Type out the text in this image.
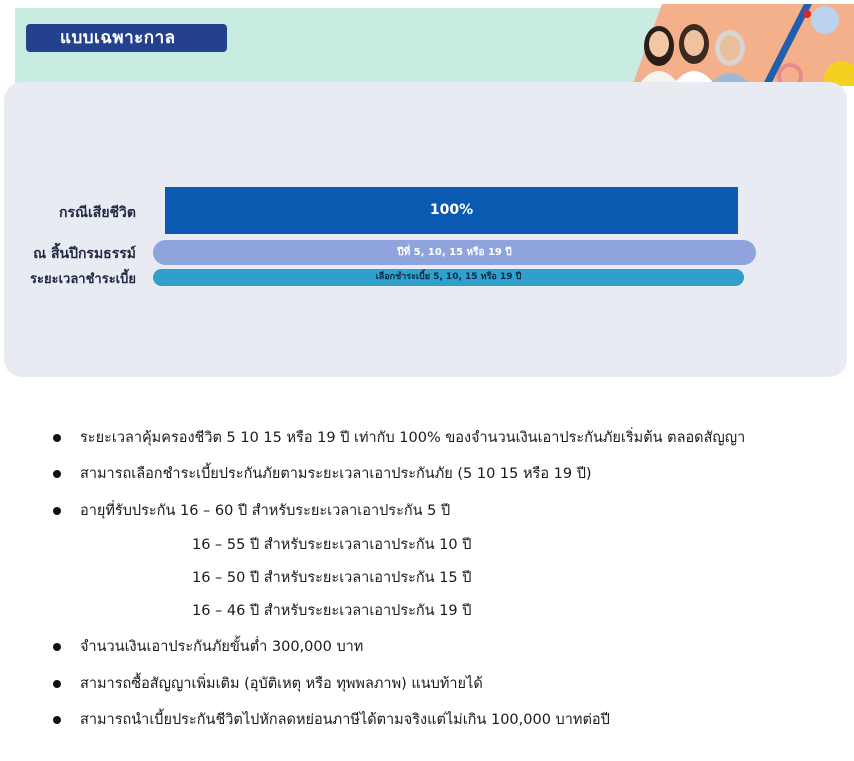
แบบเฉพาะกาล
กรณีเสียชีวิต	100%
ณ สิ้นปีกรมธรรม์	ปีที่ 5, 10, 15 หรือ 19 ปี
ระยะเวลาชำระเบี้ย	เลือกชำระเบี้ย 5, 10, 15 หรือ 19 ปี
ระยะเวลาคุ้มครองชีวิต 5 10 15 หรือ 19 ปี เท่ากับ 100% ของจำนวนเงินเอาประกันภัยเริ่มต้น ตลอดสัญญา
สามารถเลือกชำระเบี้ยประกันภัยตามระยะเวลาเอาประกันภัย (5 10 15 หรือ 19 ปี)
อายุที่รับประกัน 16 – 60 ปี สำหรับระยะเวลาเอาประกัน 5 ปี
จำนวนเงินเอาประกันภัยขั้นต่ำ 300,000 บาท
สามารถซื้อสัญญาเพิ่มเติม (อุบัติเหตุ หรือ ทุพพลภาพ) แนบท้ายได้
สามารถนำเบี้ยประกันชีวิตไปหักลดหย่อนภาษีได้ตามจริงแต่ไม่เกิน 100,000 บาทต่อปี
16 – 55 ปี สำหรับระยะเวลาเอาประกัน 10 ปี
16 – 50 ปี สำหรับระยะเวลาเอาประกัน 15 ปี
16 – 46 ปี สำหรับระยะเวลาเอาประกัน 19 ปี
